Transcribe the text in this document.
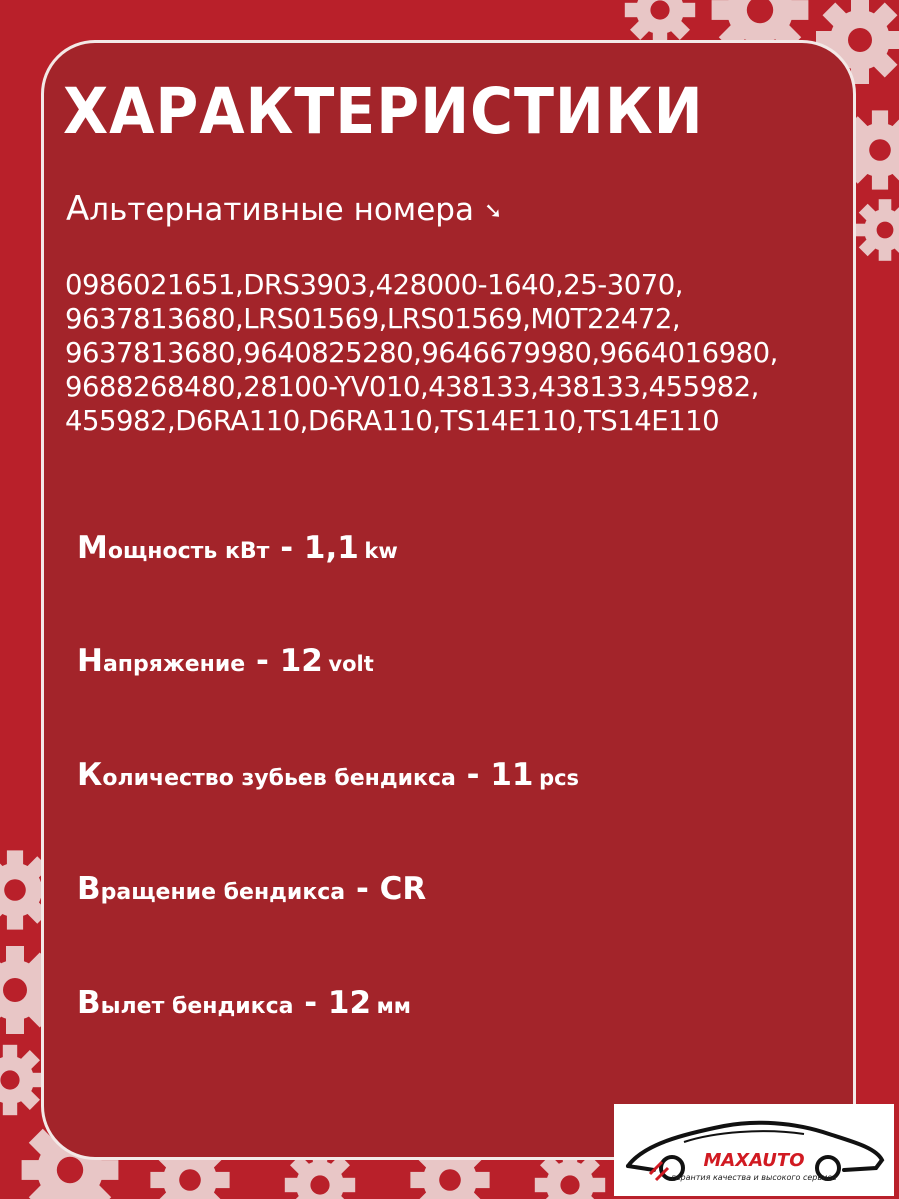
ХАРАКТЕРИСТИКИ
Альтернативные номера ➘
0986021651,DRS3903,428000-1640,25-3070,
9637813680,LRS01569,LRS01569,M0T22472,
9637813680,9640825280,9646679980,9664016980,
9688268480,28100-YV010,438133,438133,455982,
455982,D6RA110,D6RA110,TS14E110,TS14E110
Мощность кВт - 1,1 kw
Напряжение - 12 volt
Количество зубьев бендикса - 11 pcs
Вращение бендикса - CR
Вылет бендикса - 12 мм
MAXAUTO
гарантия качества и высокого сервиса
